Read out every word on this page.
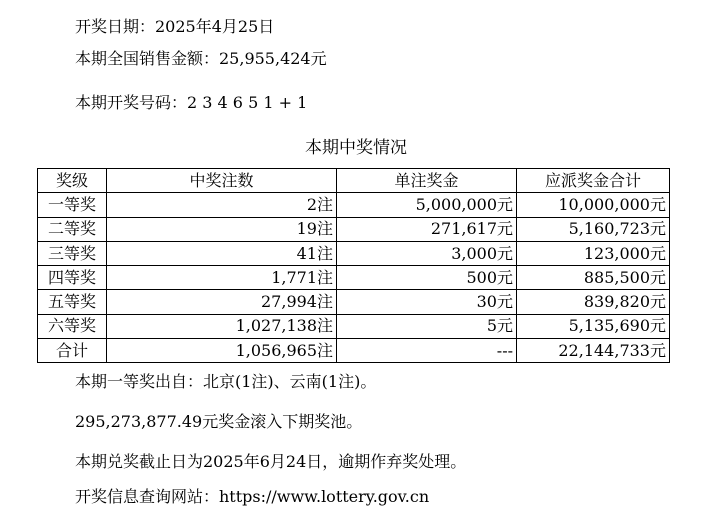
开奖日期：2025年4月25日
本期全国销售金额：25,955,424元
本期开奖号码：2 3 4 6 5 1 + 1
本期中奖情况
奖级	中奖注数	单注奖金	应派奖金合计
一等奖	2注	5,000,000元	10,000,000元
二等奖	19注	271,617元	5,160,723元
三等奖	41注	3,000元	123,000元
四等奖	1,771注	500元	885,500元
五等奖	27,994注	30元	839,820元
六等奖	1,027,138注	5元	5,135,690元
合计	1,056,965注	---	22,144,733元
本期一等奖出自：北京(1注)、云南(1注)。
295,273,877.49元奖金滚入下期奖池。
本期兑奖截止日为2025年6月24日，逾期作弃奖处理。
开奖信息查询网站：https://www.lottery.gov.cn
